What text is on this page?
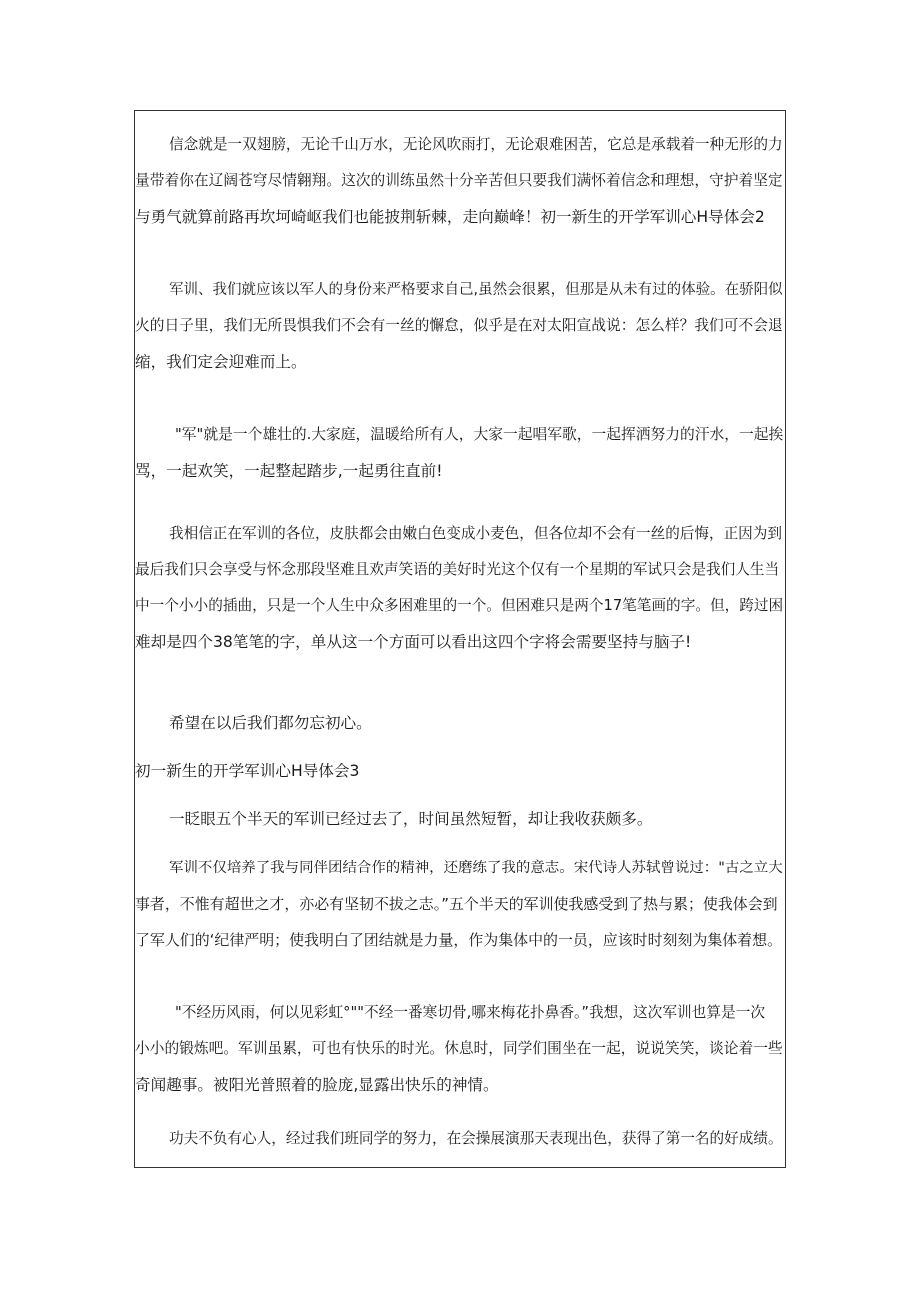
信念就是一双翅膀，无论千山万水，无论风吹雨打，无论艰难困苦，它总是承载着一种无形的力
量带着你在辽阔苍穹尽情翱翔。这次的训练虽然十分辛苦但只要我们满怀着信念和理想，守护着坚定
与勇气就算前路再坎坷崎岖我们也能披荆斩棘，走向巅峰！初一新生的开学军训心H导体会2
军训、我们就应该以军人的身份来严格要求自己,虽然会很累，但那是从未有过的体验。在骄阳似
火的日子里，我们无所畏惧我们不会有一丝的懈怠，似乎是在对太阳宣战说：怎么样？我们可不会退
缩，我们定会迎难而上。
"军"就是一个雄壮的.大家庭，温暖给所有人，大家一起唱军歌，一起挥洒努力的汗水，一起挨
骂，一起欢笑，一起整起踏步,一起勇往直前!
我相信正在军训的各位，皮肤都会由嫩白色变成小麦色，但各位却不会有一丝的后悔，正因为到
最后我们只会享受与怀念那段坚难且欢声笑语的美好时光这个仅有一个星期的军试只会是我们人生当
中一个小小的插曲，只是一个人生中众多困难里的一个。但困难只是两个17笔笔画的字。但，跨过困
难却是四个38笔笔的字，单从这一个方面可以看出这四个字将会需要坚持与脑子!
希望在以后我们都勿忘初心。
初一新生的开学军训心H导体会3
一眨眼五个半天的军训已经过去了，时间虽然短暂，却让我收获颇多。
军训不仅培养了我与同伴团结合作的精神，还磨练了我的意志。宋代诗人苏轼曾说过："古之立大
事者，不惟有超世之才，亦必有坚韧不拔之志。”五个半天的军训使我感受到了热与累；使我体会到
了军人们的‘纪律严明；使我明白了团结就是力量，作为集体中的一员，应该时时刻刻为集体着想。
"不经历风雨，何以见彩虹°""不经一番寒切骨,哪来梅花扑鼻香。”我想，这次军训也算是一次
小小的锻炼吧。军训虽累，可也有快乐的时光。休息时，同学们围坐在一起，说说笑笑，谈论着一些
奇闻趣事。被阳光普照着的脸庞,显露出快乐的神情。
功夫不负有心人，经过我们班同学的努力，在会操展演那天表现出色，获得了第一名的好成绩。
